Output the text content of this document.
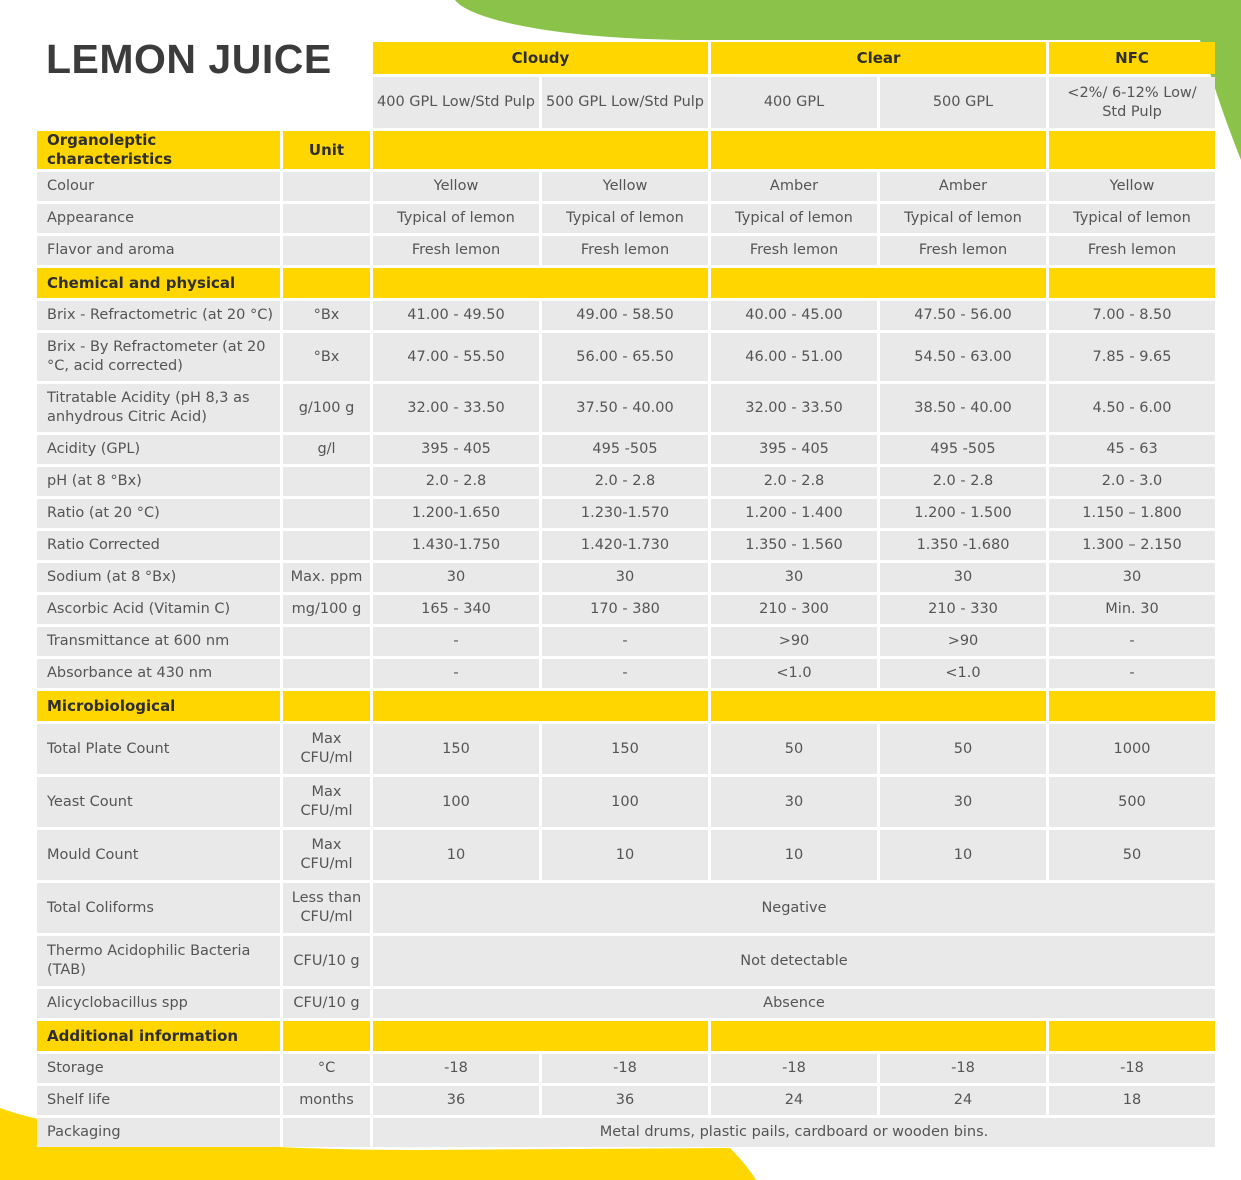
LEMON JUICE
			Cloudy		Clear		NFC
		400 GPL Low/Std Pulp	500 GPL Low/Std Pulp	400 GPL	500 GPL	<2%/ 6-12% Low/ Std Pulp
Organoleptic characteristics	Unit					
Colour		Yellow	Yellow	Amber	Amber	Yellow
Appearance		Typical of lemon	Typical of lemon	Typical of lemon	Typical of lemon	Typical of lemon
Flavor and aroma		Fresh lemon	Fresh lemon	Fresh lemon	Fresh lemon	Fresh lemon
Chemical and physical						
Brix - Refractometric (at 20 °C)	°Bx	41.00 - 49.50	49.00 - 58.50	40.00 - 45.00	47.50 - 56.00	7.00 - 8.50
Brix - By Refractometer (at 20 °C, acid corrected)	°Bx	47.00 - 55.50	56.00 - 65.50	46.00 - 51.00	54.50 - 63.00	7.85 - 9.65
Titratable Acidity (pH 8,3 as anhydrous Citric Acid)	g/100 g	32.00 - 33.50	37.50 - 40.00	32.00 - 33.50	38.50 - 40.00	4.50 - 6.00
Acidity (GPL)	g/l	395 - 405	495 -505	395 - 405	495 -505	45 - 63
pH (at 8 °Bx)		2.0 - 2.8	2.0 - 2.8	2.0 - 2.8	2.0 - 2.8	2.0 - 3.0
Ratio (at 20 °C)		1.200-1.650	1.230-1.570	1.200 - 1.400	1.200 - 1.500	1.150 – 1.800
Ratio Corrected		1.430-1.750	1.420-1.730	1.350 - 1.560	1.350 -1.680	1.300 – 2.150
Sodium (at 8 °Bx)	Max. ppm	30	30	30	30	30
Ascorbic Acid (Vitamin C)	mg/100 g	165 - 340	170 - 380	210 - 300	210 - 330	Min. 30
Transmittance at 600 nm		-	-	>90	>90	-
Absorbance at 430 nm		-	-	<1.0	<1.0	-
Microbiological						
Total Plate Count	Max CFU/ml	150	150	50	50	1000
Yeast Count	Max CFU/ml	100	100	30	30	500
Mould Count	Max CFU/ml	10	10	10	10	50
Total Coliforms	Less than CFU/ml	Negative				
Thermo Acidophilic Bacteria (TAB)	CFU/10 g	Not detectable				
Alicyclobacillus spp	CFU/10 g	Absence				
Additional information						
Storage	°C	-18	-18	-18	-18	-18
Shelf life	months	36	36	24	24	18
Packaging		Metal drums, plastic pails, cardboard or wooden bins.				
